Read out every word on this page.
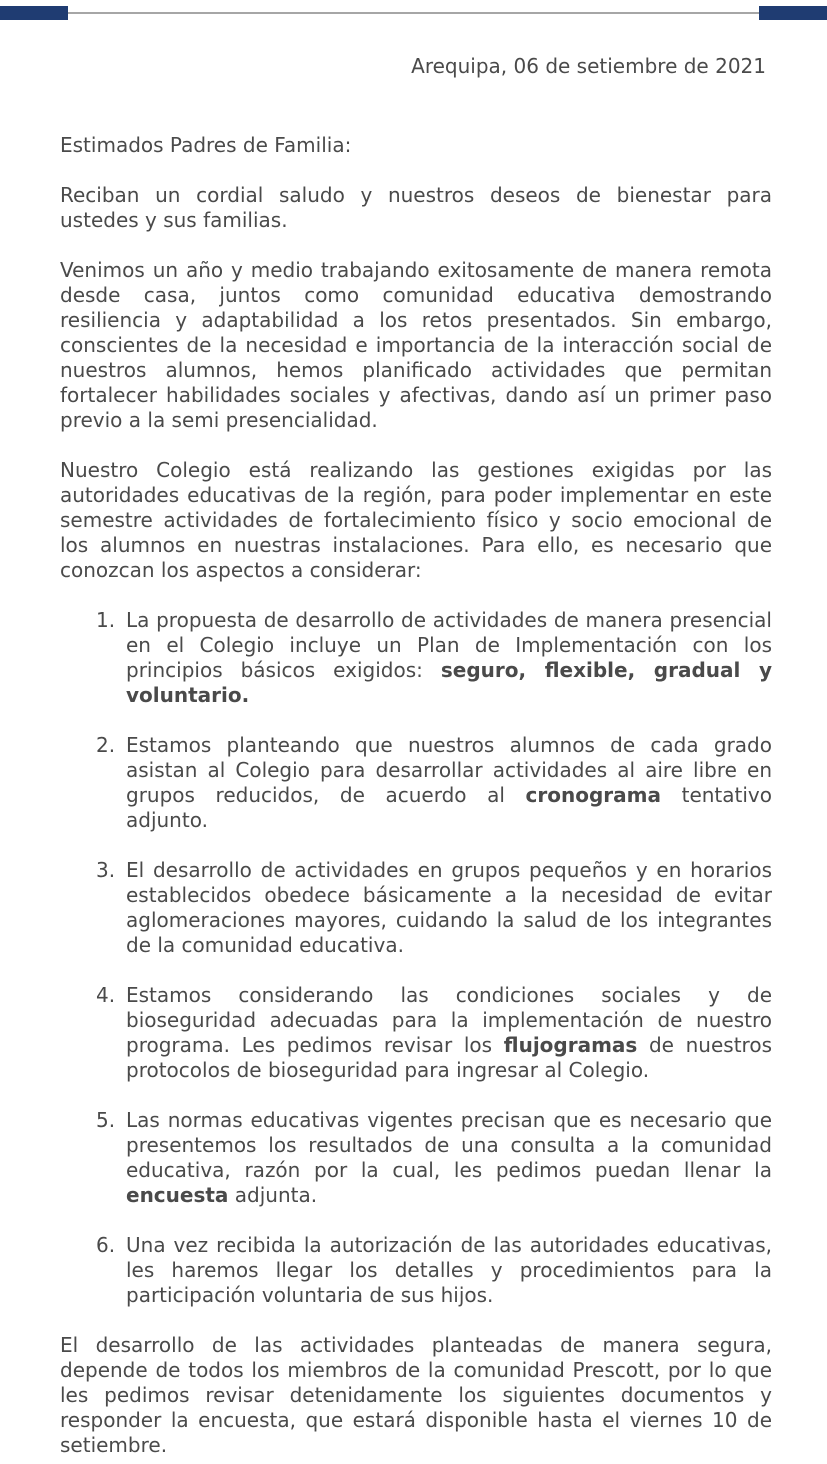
Arequipa, 06 de setiembre de 2021

Estimados Padres de Familia:

Reciban un cordial saludo y nuestros deseos de bienestar para ustedes y sus familias.

Venimos un año y medio trabajando exitosamente de manera remota desde casa, juntos como comunidad educativa demostrando resiliencia y adaptabilidad a los retos presentados. Sin embargo, conscientes de la necesidad e importancia de la interacción social de nuestros alumnos, hemos planificado actividades que permitan fortalecer habilidades sociales y afectivas, dando así un primer paso previo a la semi presencialidad.

Nuestro Colegio está realizando las gestiones exigidas por las autoridades educativas de la región, para poder implementar en este semestre actividades de fortalecimiento físico y socio emocional de los alumnos en nuestras instalaciones. Para ello, es necesario que conozcan los aspectos a considerar:

1. La propuesta de desarrollo de actividades de manera presencial en el Colegio incluye un Plan de Implementación con los principios básicos exigidos: seguro, flexible, gradual y voluntario.
2. Estamos planteando que nuestros alumnos de cada grado asistan al Colegio para desarrollar actividades al aire libre en grupos reducidos, de acuerdo al cronograma tentativo adjunto.
3. El desarrollo de actividades en grupos pequeños y en horarios establecidos obedece básicamente a la necesidad de evitar aglomeraciones mayores, cuidando la salud de los integrantes de la comunidad educativa.
4. Estamos considerando las condiciones sociales y de bioseguridad adecuadas para la implementación de nuestro programa. Les pedimos revisar los flujogramas de nuestros protocolos de bioseguridad para ingresar al Colegio.
5. Las normas educativas vigentes precisan que es necesario que presentemos los resultados de una consulta a la comunidad educativa, razón por la cual, les pedimos puedan llenar la encuesta adjunta.
6. Una vez recibida la autorización de las autoridades educativas, les haremos llegar los detalles y procedimientos para la participación voluntaria de sus hijos.

El desarrollo de las actividades planteadas de manera segura, depende de todos los miembros de la comunidad Prescott, por lo que les pedimos revisar detenidamente los siguientes documentos y responder la encuesta, que estará disponible hasta el viernes 10 de setiembre.
